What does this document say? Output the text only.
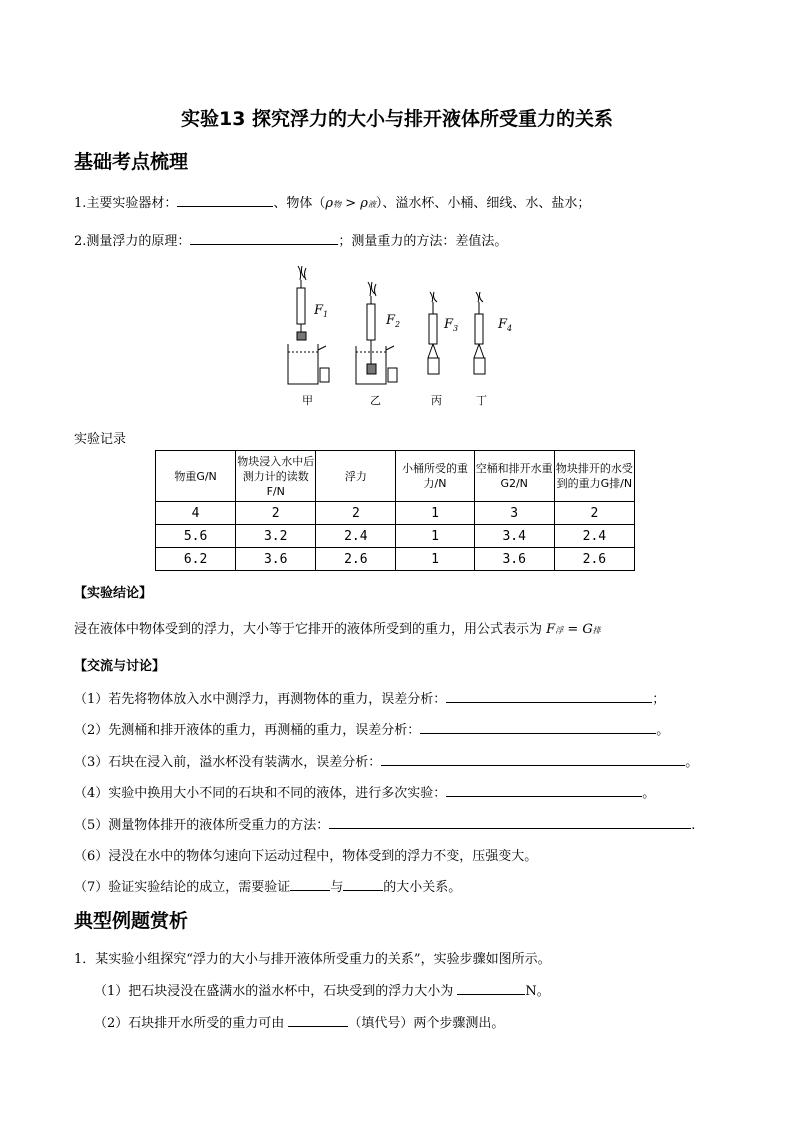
实验13 探究浮力的大小与排开液体所受重力的关系
基础考点梳理
1.主要实验器材：	、物体（ρ物 > ρ液）、溢水杯、小桶、细线、水、盐水；
2.测量浮力的原理：	；测量重力的方法：差值法。
$F_1$	$F_2$	$F_3$	$F_4$
甲	乙	丙	丁
实验记录
物重G/N	物块浸入水中后测力计的读数F/N	浮力	小桶所受的重力/N	空桶和排开水重G2/N	物块排开的水受到的重力G排/N
4	2	2	1	3	2
5.6	3.2	2.4	1	3.4	2.4
6.2	3.6	2.6	1	3.6	2.6
【实验结论】
浸在液体中物体受到的浮力，大小等于它排开的液体所受到的重力，用公式表示为 F浮 = G排
【交流与讨论】
（1）若先将物体放入水中测浮力，再测物体的重力，误差分析：	；
（2）先测桶和排开液体的重力，再测桶的重力，误差分析：	。
（3）石块在浸入前，溢水杯没有装满水，误差分析：	。
（4）实验中换用大小不同的石块和不同的液体，进行多次实验：	。
（5）测量物体排开的液体所受重力的方法：	.
（6）浸没在水中的物体匀速向下运动过程中，物体受到的浮力不变，压强变大。
（7）验证实验结论的成立，需要验证	与	的大小关系。
典型例题赏析
1．某实验小组探究“浮力的大小与排开液体所受重力的关系”，实验步骤如图所示。
（1）把石块浸没在盛满水的溢水杯中，石块受到的浮力大小为	N。
（2）石块排开水所受的重力可由	（填代号）两个步骤测出。
